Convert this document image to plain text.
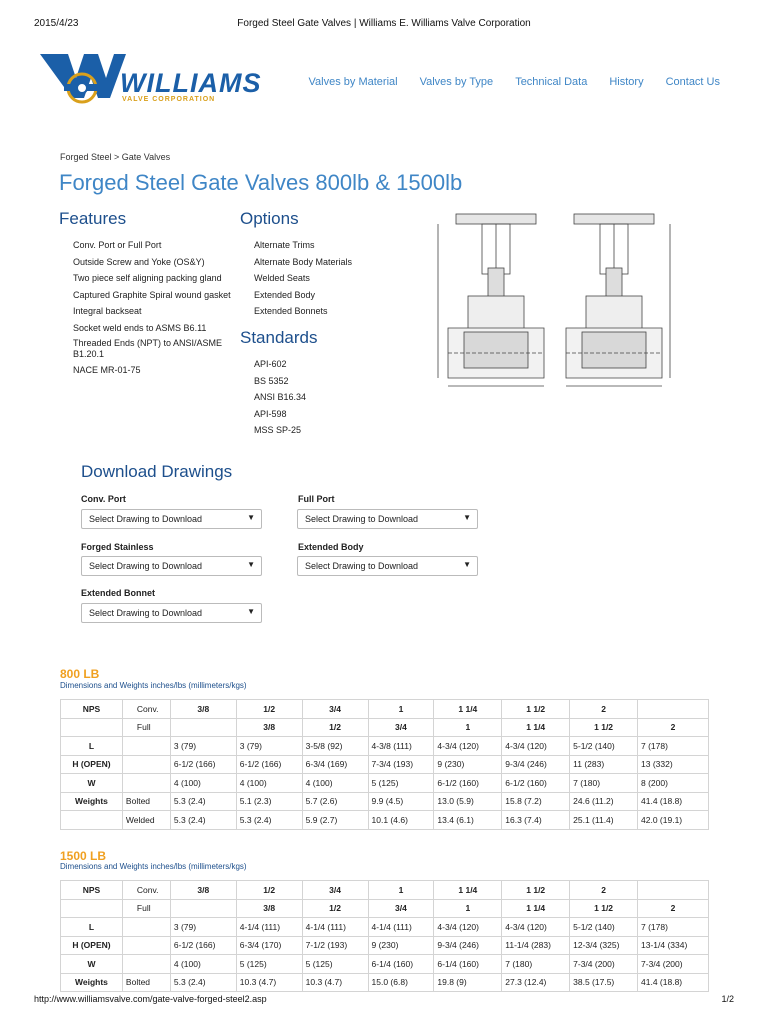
2015/4/23	Forged Steel Gate Valves | Williams E. Williams Valve Corporation
WILLIAMS
VALVE CORPORATION
Valves by Material Valves by Type Technical Data History Contact Us
Forged Steel > Gate Valves
Forged Steel Gate Valves 800lb & 1500lb
Features
Conv. Port or Full Port
Outside Screw and Yoke (OS&Y)
Two piece self aligning packing gland
Captured Graphite Spiral wound gasket
Integral backseat
Socket weld ends to ASMS B6.11
Threaded Ends (NPT) to ANSI/ASME B1.20.1
NACE MR-01-75
Options
Alternate Trims
Alternate Body Materials
Welded Seats
Extended Body
Extended Bonnets
Standards
API-602
BS 5352
ANSI B16.34
API-598
MSS SP-25
Download Drawings
Conv. Port
Select Drawing to Download	▼
Full Port
Select Drawing to Download	▼
Forged Stainless
Select Drawing to Download	▼
Extended Body
Select Drawing to Download	▼
Extended Bonnet
Select Drawing to Download	▼
800 LB
Dimensions and Weights inches/lbs (millimeters/kgs)
NPS	Conv.	3/8	1/2	3/4	1	1 1/4	1 1/2	2	
	Full		3/8	1/2	3/4	1	1 1/4	1 1/2	2
L		3 (79)	3 (79)	3-5/8 (92)	4-3/8 (111)	4-3/4 (120)	4-3/4 (120)	5-1/2 (140)	7 (178)
H (OPEN)		6-1/2 (166)	6-1/2 (166)	6-3/4 (169)	7-3/4 (193)	9 (230)	9-3/4 (246)	11 (283)	13 (332)
W		4 (100)	4 (100)	4 (100)	5 (125)	6-1/2 (160)	6-1/2 (160)	7 (180)	8 (200)
Weights	Bolted	5.3 (2.4)	5.1 (2.3)	5.7 (2.6)	9.9 (4.5)	13.0 (5.9)	15.8 (7.2)	24.6 (11.2)	41.4 (18.8)
	Welded	5.3 (2.4)	5.3 (2.4)	5.9 (2.7)	10.1 (4.6)	13.4 (6.1)	16.3 (7.4)	25.1 (11.4)	42.0 (19.1)
1500 LB
Dimensions and Weights inches/lbs (millimeters/kgs)
NPS	Conv.	3/8	1/2	3/4	1	1 1/4	1 1/2	2	
	Full		3/8	1/2	3/4	1	1 1/4	1 1/2	2
L		3 (79)	4-1/4 (111)	4-1/4 (111)	4-1/4 (111)	4-3/4 (120)	4-3/4 (120)	5-1/2 (140)	7 (178)
H (OPEN)		6-1/2 (166)	6-3/4 (170)	7-1/2 (193)	9 (230)	9-3/4 (246)	11-1/4 (283)	12-3/4 (325)	13-1/4 (334)
W		4 (100)	5 (125)	5 (125)	6-1/4 (160)	6-1/4 (160)	7 (180)	7-3/4 (200)	7-3/4 (200)
Weights	Bolted	5.3 (2.4)	10.3 (4.7)	10.3 (4.7)	15.0 (6.8)	19.8 (9)	27.3 (12.4)	38.5 (17.5)	41.4 (18.8)
http://www.williamsvalve.com/gate-valve-forged-steel2.asp	1/2
